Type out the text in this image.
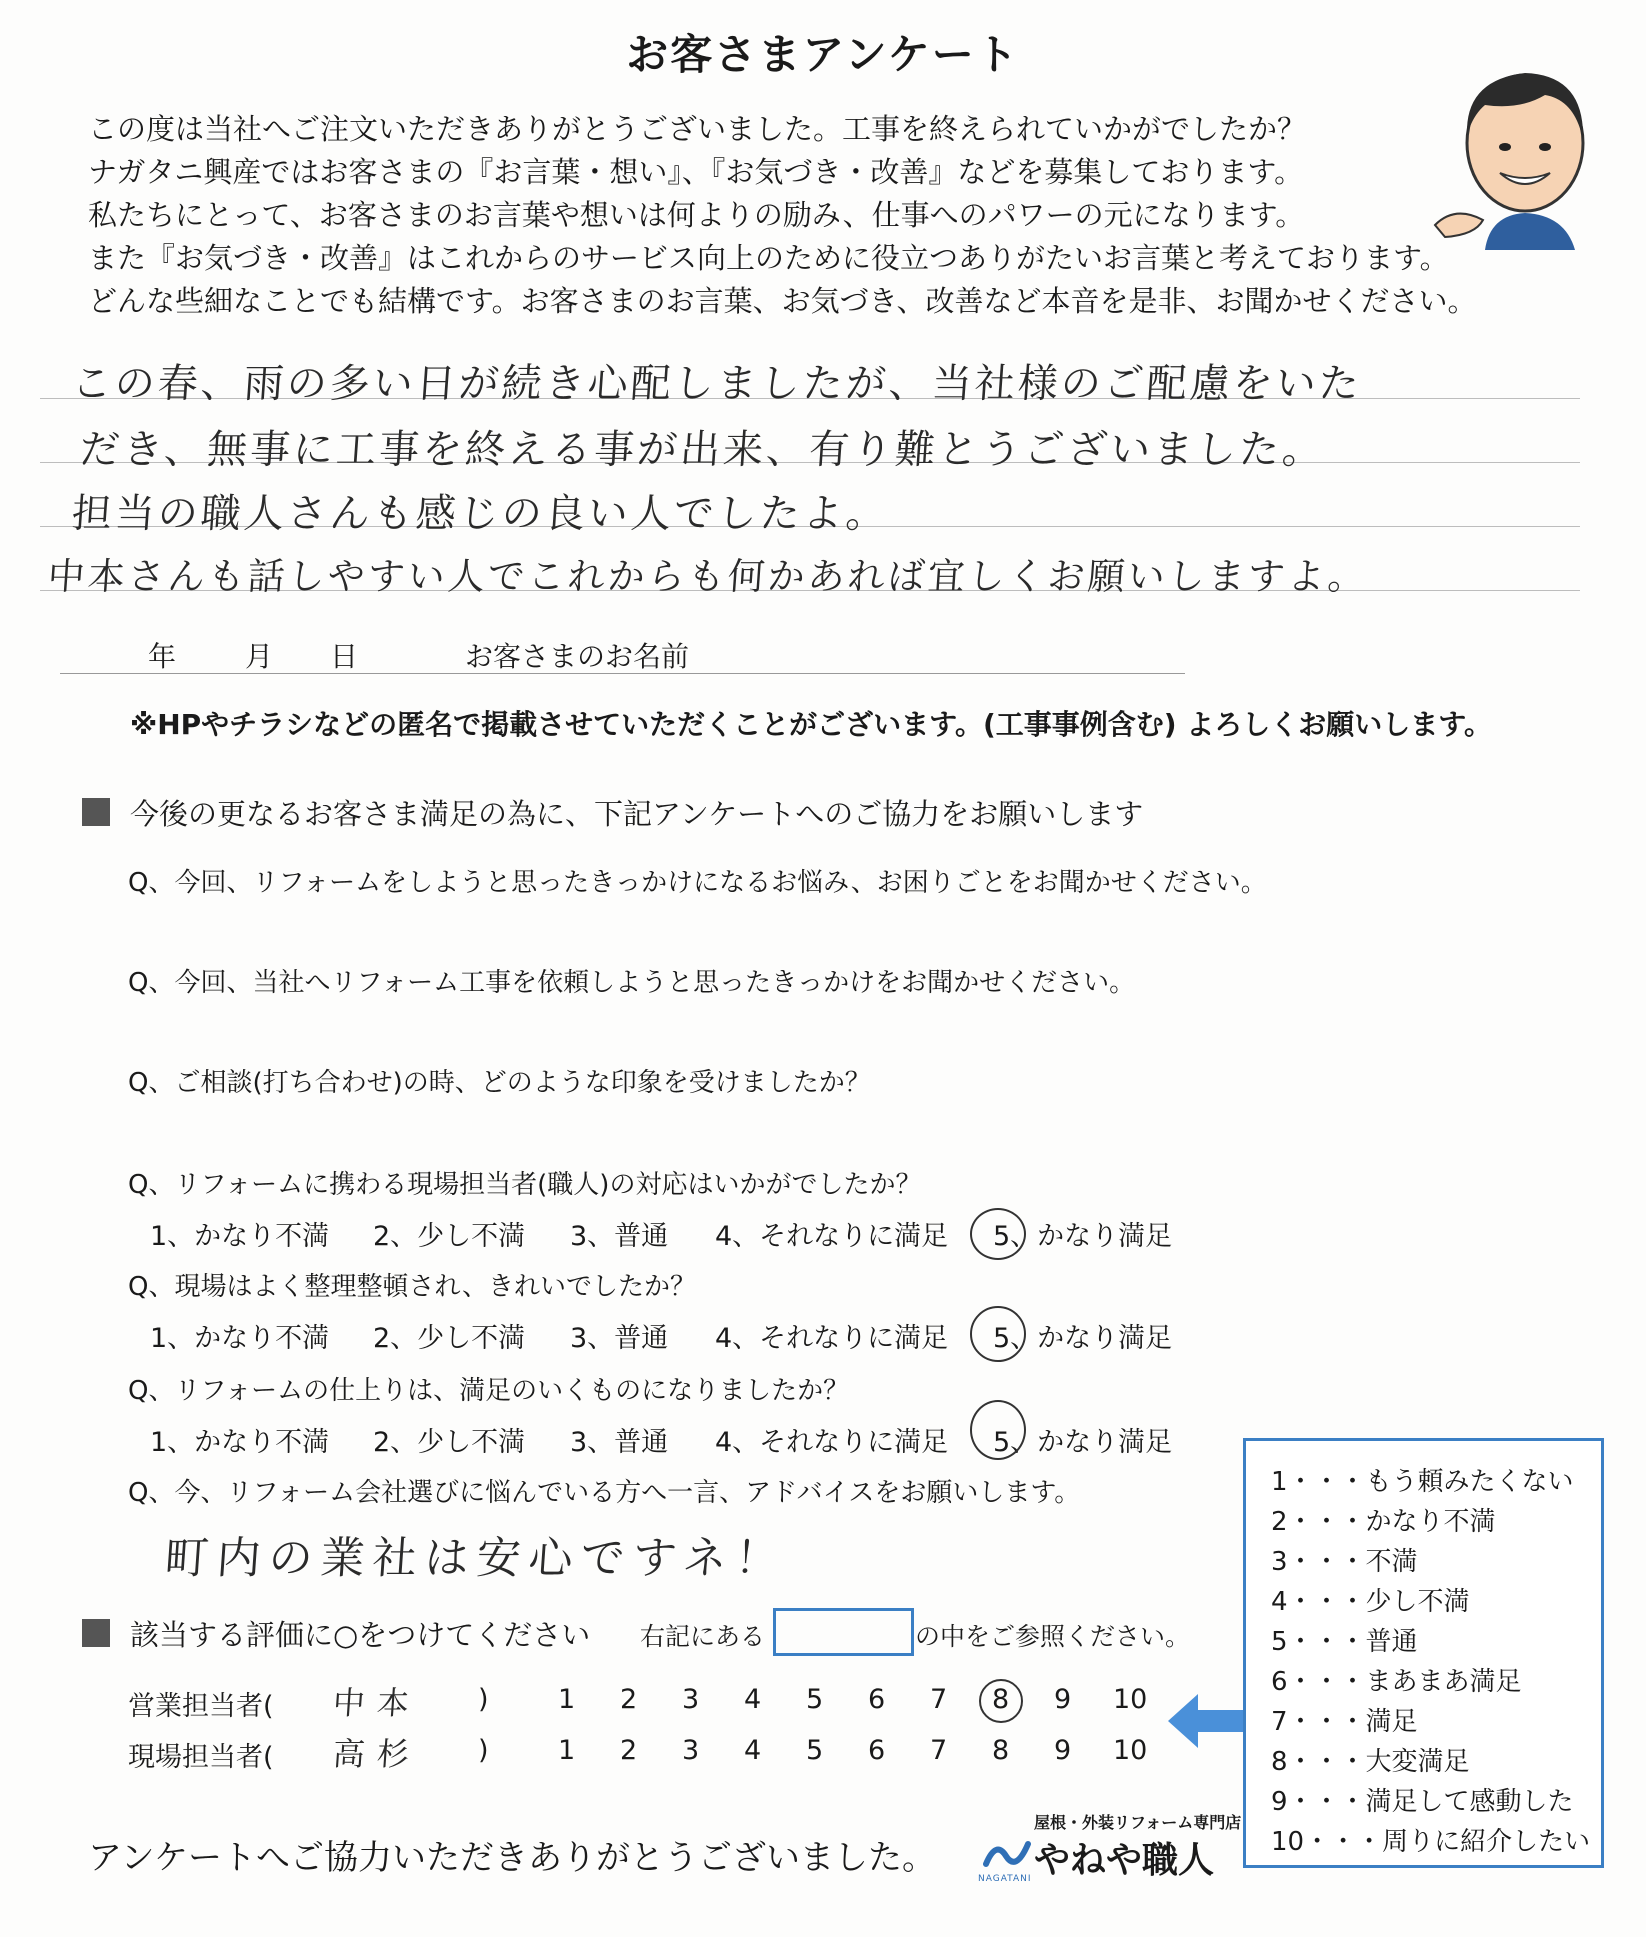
お客さまアンケート
この度は当社へご注文いただきありがとうございました。工事を終えられていかがでしたか？
ナガタニ興産ではお客さまの『お言葉・想い』、『お気づき・改善』などを募集しております。
私たちにとって、お客さまのお言葉や想いは何よりの励み、仕事へのパワーの元になります。
また『お気づき・改善』はこれからのサービス向上のために役立つありがたいお言葉と考えております。
どんな些細なことでも結構です。お客さまのお言葉、お気づき、改善など本音を是非、お聞かせください。
この春、雨の多い日が続き心配しましたが、当社様のご配慮をいた
だき、無事に工事を終える事が出来、有り難とうございました。
担当の職人さんも感じの良い人でしたよ。
中本さんも話しやすい人でこれからも何かあれば宜しくお願いしますよ。
年 月 日	お客さまのお名前
※HPやチラシなどの匿名で掲載させていただくことがございます。(工事事例含む) よろしくお願いします。
今後の更なるお客さま満足の為に、下記アンケートへのご協力をお願いします
Q、今回、リフォームをしようと思ったきっかけになるお悩み、お困りごとをお聞かせください。
Q、今回、当社へリフォーム工事を依頼しようと思ったきっかけをお聞かせください。
Q、ご相談(打ち合わせ)の時、どのような印象を受けましたか？
Q、リフォームに携わる現場担当者(職人)の対応はいかがでしたか？
1、かなり不満 2、少し不満 3、普通 4、それなりに満足 5、かなり満足
Q、現場はよく整理整頓され、きれいでしたか？
1、かなり不満 2、少し不満 3、普通 4、それなりに満足 5、かなり満足
Q、リフォームの仕上りは、満足のいくものになりましたか？
1、かなり不満 2、少し不満 3、普通 4、それなりに満足 5、かなり満足
Q、今、リフォーム会社選びに悩んでいる方へ一言、アドバイスをお願いします。
町内の業社は安心ですネ！
該当する評価に○をつけてください 右記にある	の中をご参照ください。
営業担当者( 中本 )	1 2 3 4 5 6 7 8 9 10
現場担当者( 高杉 )	1 2 3 4 5 6 7 8 9 10
1・・・もう頼みたくない
2・・・かなり不満
3・・・不満
4・・・少し不満
5・・・普通
6・・・まあまあ満足
7・・・満足
8・・・大変満足
9・・・満足して感動した
10・・・周りに紹介したい
アンケートへご協力いただきありがとうございました。
屋根・外装リフォーム専門店
NAGATANI やねや職人
